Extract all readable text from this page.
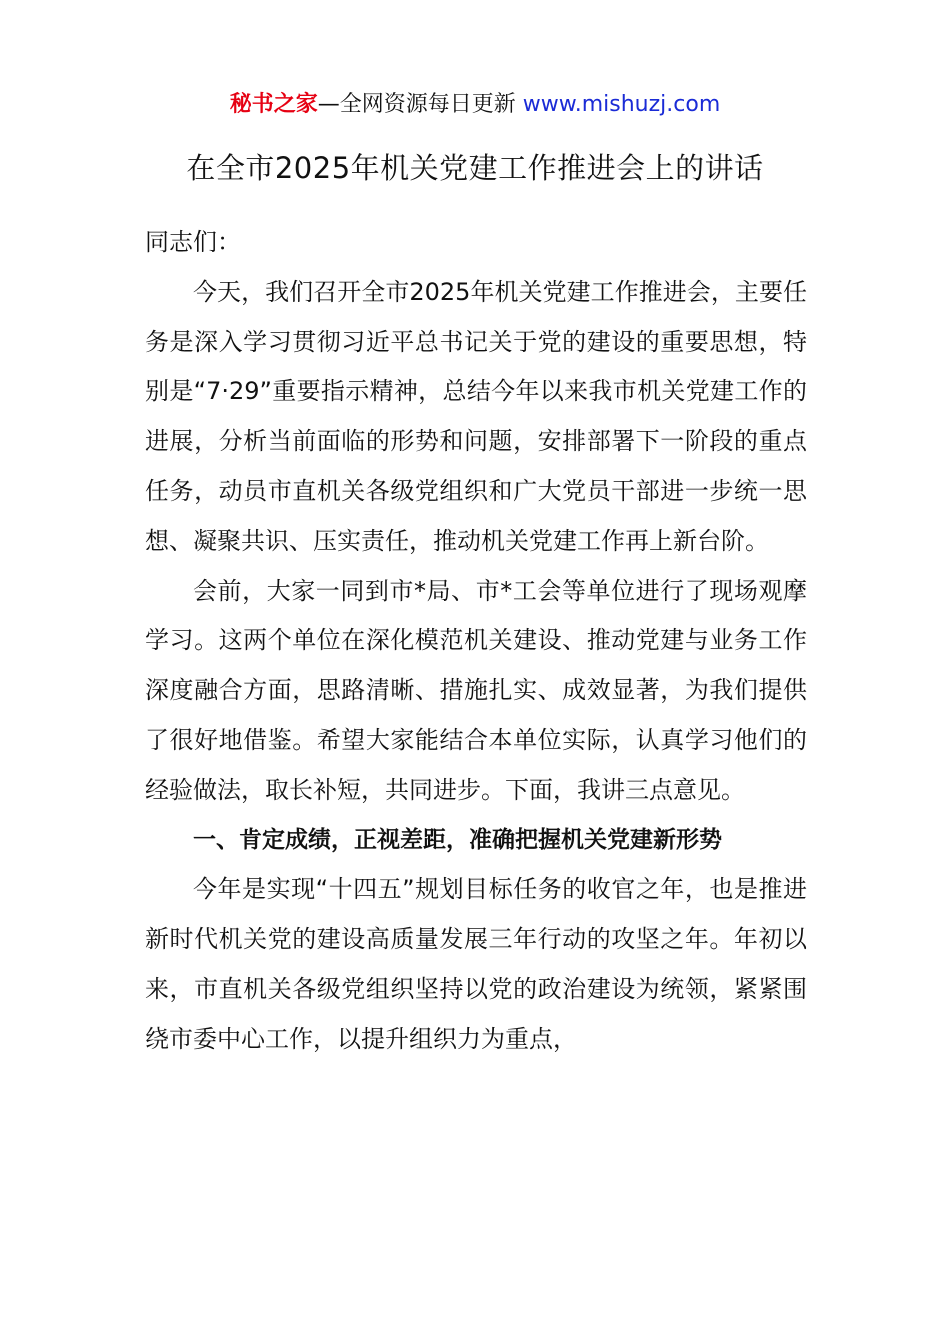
秘书之家—全网资源每日更新 www.mishuzj.com
在全市2025年机关党建工作推进会上的讲话

同志们：

今天，我们召开全市2025年机关党建工作推进会，主要任务是深入学习贯彻习近平总书记关于党的建设的重要思想，特别是“7·29”重要指示精神，总结今年以来我市机关党建工作的进展，分析当前面临的形势和问题，安排部署下一阶段的重点任务，动员市直机关各级党组织和广大党员干部进一步统一思想、凝聚共识、压实责任，推动机关党建工作再上新台阶。

会前，大家一同到市*局、市*工会等单位进行了现场观摩学习。这两个单位在深化模范机关建设、推动党建与业务工作深度融合方面，思路清晰、措施扎实、成效显著，为我们提供了很好地借鉴。希望大家能结合本单位实际，认真学习他们的经验做法，取长补短，共同进步。下面，我讲三点意见。

一、肯定成绩，正视差距，准确把握机关党建新形势

今年是实现“十四五”规划目标任务的收官之年，也是推进新时代机关党的建设高质量发展三年行动的攻坚之年。年初以来，市直机关各级党组织坚持以党的政治建设为统领，紧紧围绕市委中心工作，以提升组织力为重点，
